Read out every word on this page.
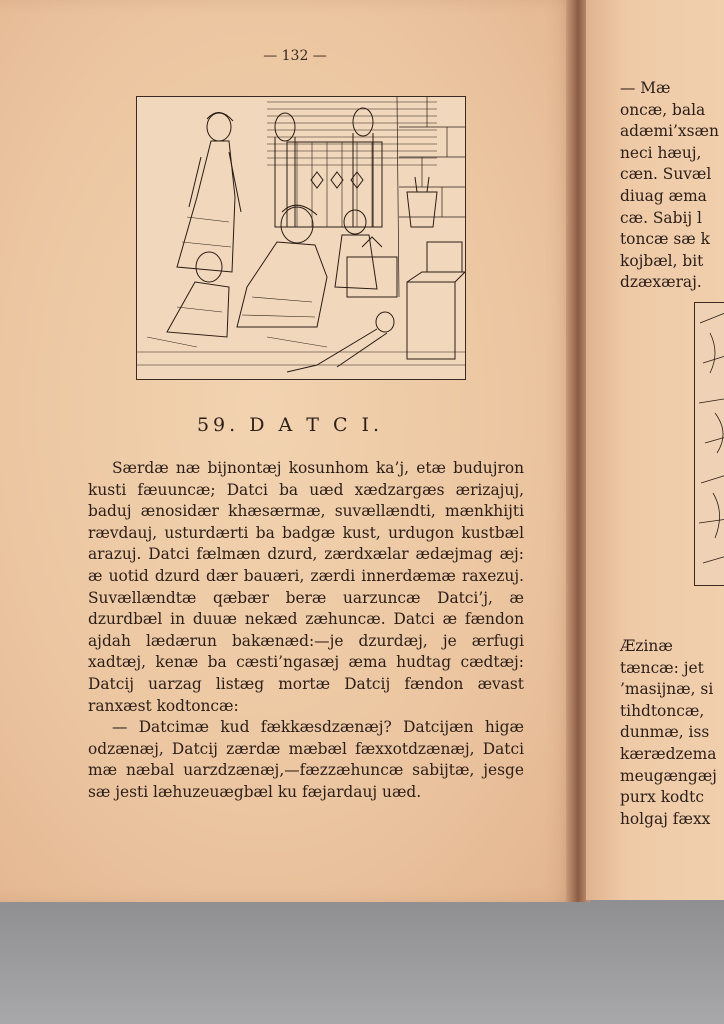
— 132 —
59. D A T C I.

Særdæ næ bijnontæj kosunhom ka’j, etæ budujron kusti fæuuncæ; Datci ba uæd xædzargæs ærizajuj, baduj ænosidær khæsærmæ, suvællændti, mænkhijti rævdauj, usturdærti ba badgæ kust, urdugon kustbæl arazuj. Datci fælmæn dzurd, zærdxælar ædæjmag æj: æ uotid dzurd dær bauæri, zærdi innerdæmæ raxezuj. Suvællændtæ qæbær beræ uarzuncæ Datci’j, æ dzurdbæl in duuæ nekæd zæhuncæ. Datci æ fændon ajdah lædærun bakænæd:—je dzurdæj, je ærfugi xadtæj, kenæ ba cæsti’ngasæj æma hudtag cædtæj: Datcij uarzag listæg mortæ Datcij fændon ævast ranxæst kodtoncæ:

— Datcimæ kud fækkæsdzænæj? Datcijæn higæ odzænæj, Datcij zærdæ mæbæl fæxxotdzænæj, Datci mæ næbal uarzdzænæj,—fæzzæhuncæ sabijtæ, jesge sæ jesti læhuzeuægbæl ku fæjardauj uæd.

— Mæ
oncæ, bala
adæmi’xsæn
neci hæuj,
cæn. Suvæl
diuag æma
cæ. Sabij l
toncæ sæ k
kojbæl, bit
dzæxæraj.
Æzinæ
tæncæ: jet
’masijnæ, si
tihdtoncæ,
dunmæ, iss
kærædzema
meugængæj
purx kodtc
holgaj fæxx
